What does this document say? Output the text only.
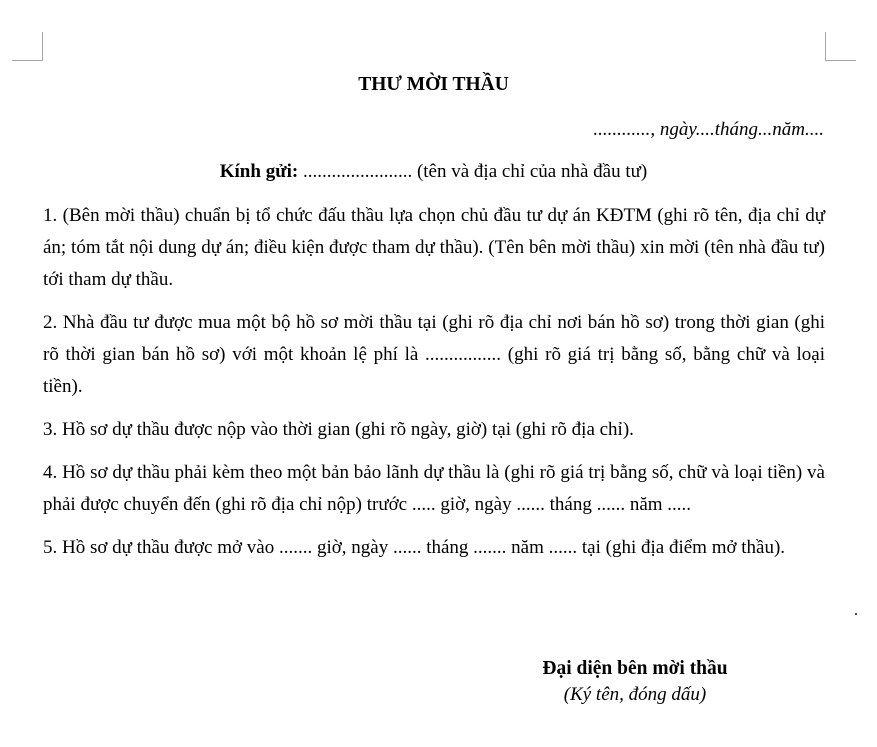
THƯ MỜI THẦU
............, ngày....tháng...năm....
Kính gửi: ....................... (tên và địa chỉ của nhà đầu tư)

1. (Bên mời thầu) chuẩn bị tổ chức đấu thầu lựa chọn chủ đầu tư dự án KĐTM (ghi rõ tên, địa chỉ dự án; tóm tắt nội dung dự án; điều kiện được tham dự thầu). (Tên bên mời thầu) xin mời (tên nhà đầu tư) tới tham dự thầu.

2. Nhà đầu tư được mua một bộ hồ sơ mời thầu tại (ghi rõ địa chỉ nơi bán hồ sơ) trong thời gian (ghi rõ thời gian bán hồ sơ) với một khoản lệ phí là ................ (ghi rõ giá trị bằng số, bằng chữ và loại tiền).

3. Hồ sơ dự thầu được nộp vào thời gian (ghi rõ ngày, giờ) tại (ghi rõ địa chỉ).

4. Hồ sơ dự thầu phải kèm theo một bản bảo lãnh dự thầu là (ghi rõ giá trị bằng số, chữ và loại tiền) và phải được chuyển đến (ghi rõ địa chỉ nộp) trước ..... giờ, ngày ...... tháng ...... năm .....

5. Hồ sơ dự thầu được mở vào ....... giờ, ngày ...... tháng ....... năm ...... tại (ghi địa điểm mở thầu).

Đại diện bên mời thầu
(Ký tên, đóng dấu)
